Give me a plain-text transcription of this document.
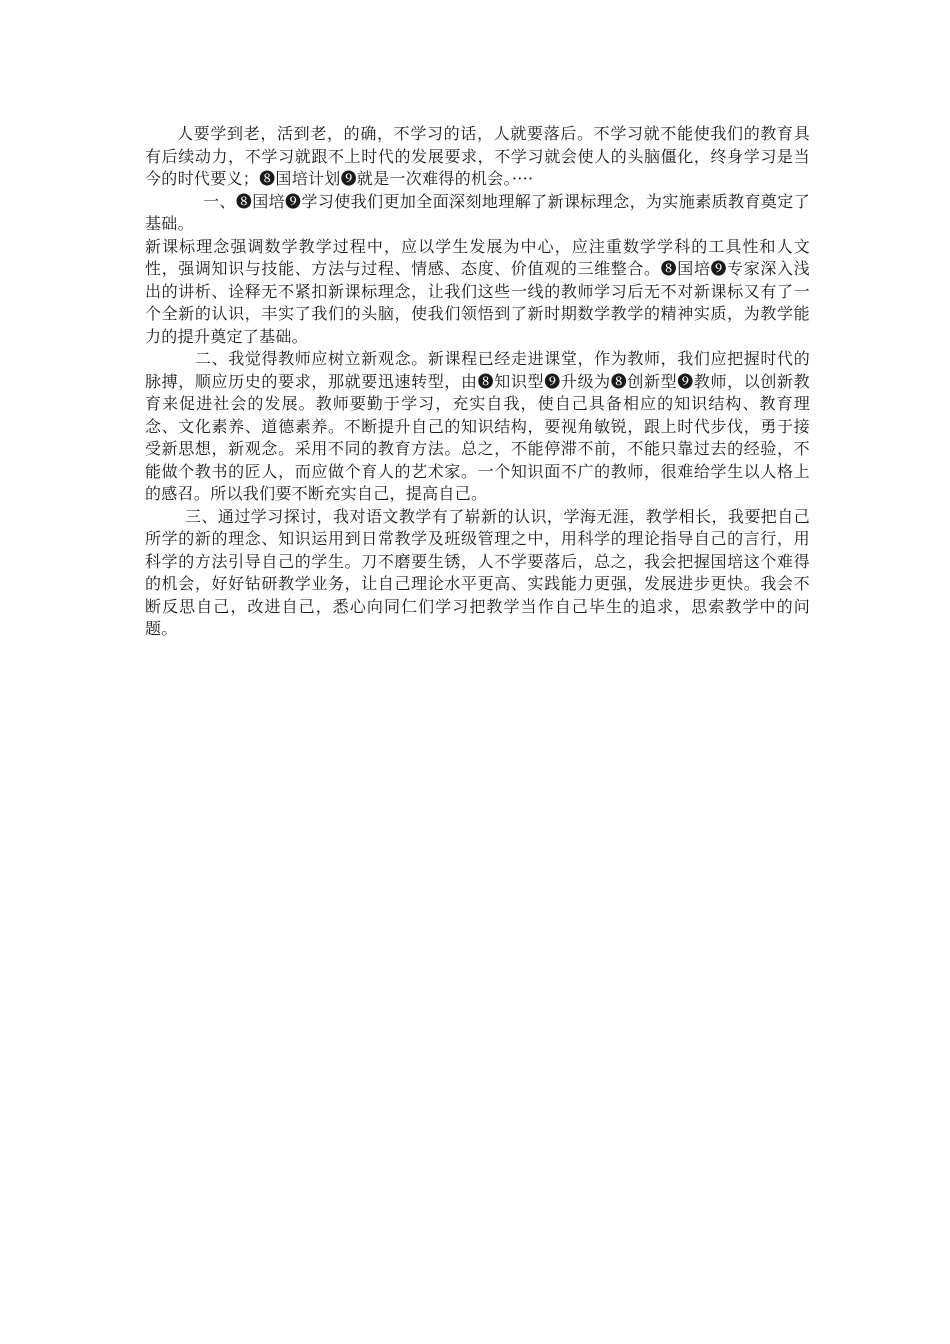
人要学到老，活到老，的确，不学习的话，人就要落后。不学习就不能使我们的教育具有后续动力，不学习就跟不上时代的发展要求，不学习就会使人的头脑僵化，终身学习是当今的时代要义；❽国培计划❾就是一次难得的机会。····

一、❽国培❾学习使我们更加全面深刻地理解了新课标理念，为实施素质教育奠定了基础。

新课标理念强调数学教学过程中，应以学生发展为中心，应注重数学学科的工具性和人文性，强调知识与技能、方法与过程、情感、态度、价值观的三维整合。❽国培❾专家深入浅出的讲析、诠释无不紧扣新课标理念，让我们这些一线的教师学习后无不对新课标又有了一个全新的认识，丰实了我们的头脑，使我们领悟到了新时期数学教学的精神实质，为教学能力的提升奠定了基础。

二、我觉得教师应树立新观念。新课程已经走进课堂，作为教师，我们应把握时代的脉搏，顺应历史的要求，那就要迅速转型，由❽知识型❾升级为❽创新型❾教师，以创新教育来促进社会的发展。教师要勤于学习，充实自我，使自己具备相应的知识结构、教育理念、文化素养、道德素养。不断提升自己的知识结构，要视角敏锐，跟上时代步伐，勇于接受新思想，新观念。采用不同的教育方法。总之，不能停滞不前，不能只靠过去的经验，不能做个教书的匠人，而应做个育人的艺术家。一个知识面不广的教师，很难给学生以人格上的感召。所以我们要不断充实自己，提高自己。

三、通过学习探讨，我对语文教学有了崭新的认识，学海无涯，教学相长，我要把自己所学的新的理念、知识运用到日常教学及班级管理之中，用科学的理论指导自己的言行，用科学的方法引导自己的学生。刀不磨要生锈，人不学要落后，总之，我会把握国培这个难得的机会，好好钻研教学业务，让自己理论水平更高、实践能力更强，发展进步更快。我会不断反思自己，改进自己，悉心向同仁们学习把教学当作自己毕生的追求，思索教学中的问题。
